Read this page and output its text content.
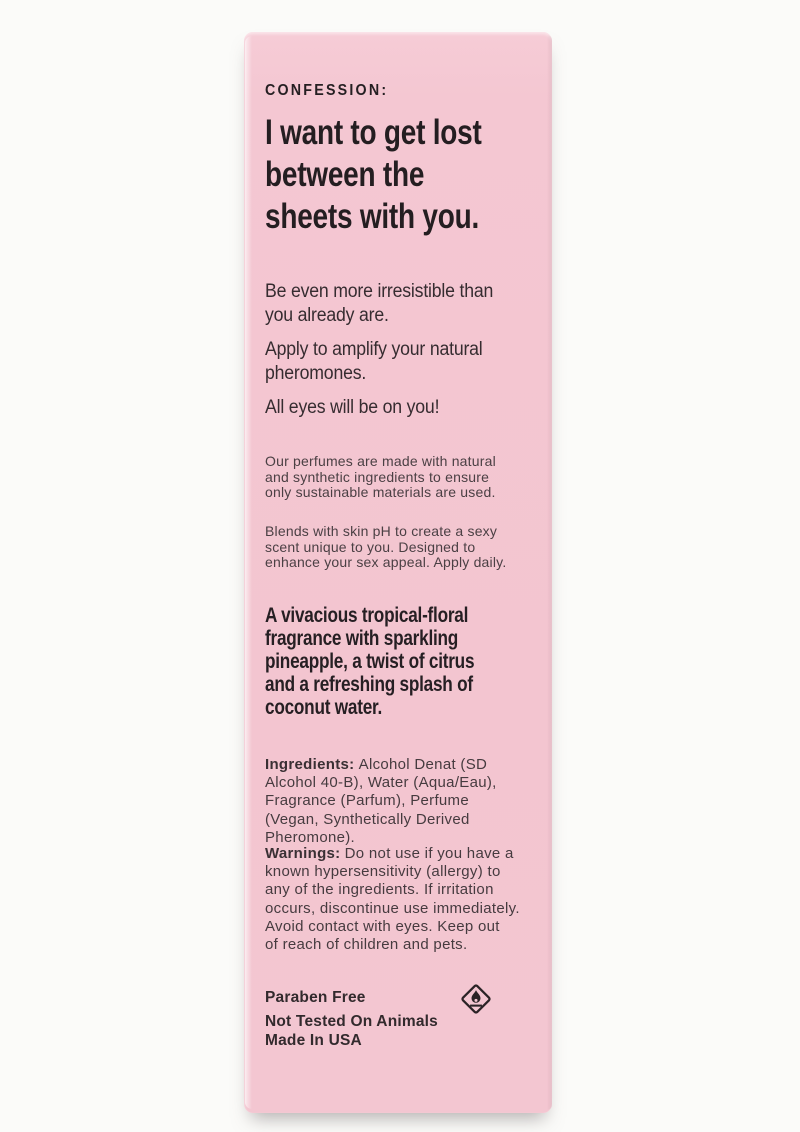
CONFESSION:
I want to get lost
between the
sheets with you.
Be even more irresistible than
you already are.
Apply to amplify your natural
pheromones.
All eyes will be on you!
Our perfumes are made with natural
and synthetic ingredients to ensure
only sustainable materials are used.
Blends with skin pH to create a sexy
scent unique to you. Designed to
enhance your sex appeal. Apply daily.
A vivacious tropical-floral
fragrance with sparkling
pineapple, a twist of citrus
and a refreshing splash of
coconut water.
Ingredients: Alcohol Denat (SD
Alcohol 40-B), Water (Aqua/Eau),
Fragrance (Parfum), Perfume
(Vegan, Synthetically Derived
Pheromone).
Warnings: Do not use if you have a
known hypersensitivity (allergy) to
any of the ingredients. If irritation
occurs, discontinue use immediately.
Avoid contact with eyes. Keep out
of reach of children and pets.
Paraben Free
Not Tested On Animals
Made In USA
